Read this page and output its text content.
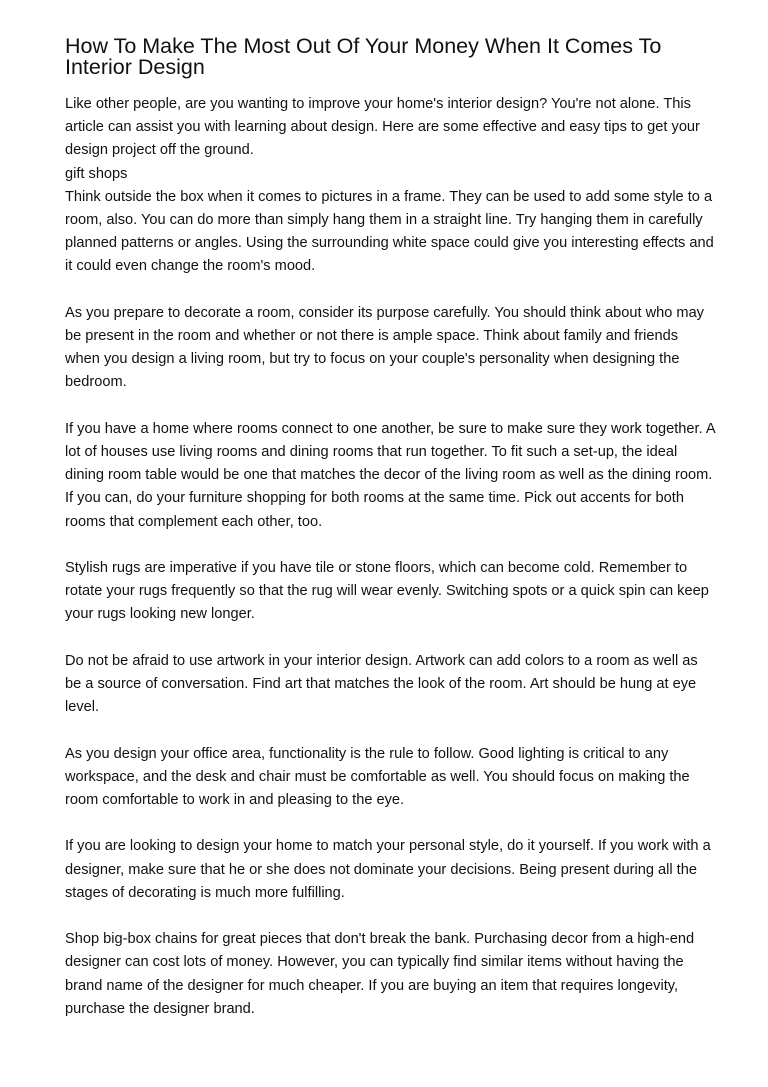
How To Make The Most Out Of Your Money When It Comes To Interior Design

Like other people, are you wanting to improve your home's interior design? You're not alone. This article can assist you with learning about design. Here are some effective and easy tips to get your design project off the ground.

gift shops

Think outside the box when it comes to pictures in a frame. They can be used to add some style to a room, also. You can do more than simply hang them in a straight line. Try hanging them in carefully planned patterns or angles. Using the surrounding white space could give you interesting effects and it could even change the room's mood.

As you prepare to decorate a room, consider its purpose carefully. You should think about who may be present in the room and whether or not there is ample space. Think about family and friends when you design a living room, but try to focus on your couple's personality when designing the bedroom.

If you have a home where rooms connect to one another, be sure to make sure they work together. A lot of houses use living rooms and dining rooms that run together. To fit such a set-up, the ideal dining room table would be one that matches the decor of the living room as well as the dining room. If you can, do your furniture shopping for both rooms at the same time. Pick out accents for both rooms that complement each other, too.

Stylish rugs are imperative if you have tile or stone floors, which can become cold. Remember to rotate your rugs frequently so that the rug will wear evenly. Switching spots or a quick spin can keep your rugs looking new longer.

Do not be afraid to use artwork in your interior design. Artwork can add colors to a room as well as be a source of conversation. Find art that matches the look of the room. Art should be hung at eye level.

As you design your office area, functionality is the rule to follow. Good lighting is critical to any workspace, and the desk and chair must be comfortable as well. You should focus on making the room comfortable to work in and pleasing to the eye.

If you are looking to design your home to match your personal style, do it yourself. If you work with a designer, make sure that he or she does not dominate your decisions. Being present during all the stages of decorating is much more fulfilling.

Shop big-box chains for great pieces that don't break the bank. Purchasing decor from a high-end designer can cost lots of money. However, you can typically find similar items without having the brand name of the designer for much cheaper. If you are buying an item that requires longevity, purchase the designer brand.
